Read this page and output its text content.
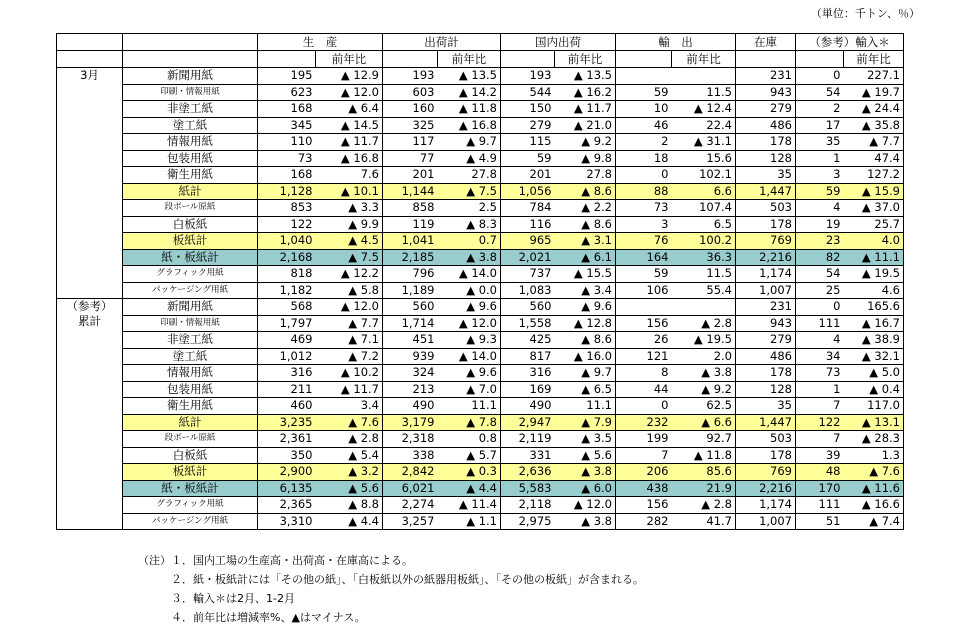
（単位：千トン、％）
		生　産		出荷計		国内出荷		輸　出		在庫	（参考）輸入＊	
			前年比		前年比		前年比		前年比			前年比

3月	新聞用紙	195	▲ 12.9	193	▲ 13.5	193	▲ 13.5			231	0	227.1
	印刷・情報用紙	623	▲ 12.0	603	▲ 14.2	544	▲ 16.2	59	11.5	943	54	▲ 19.7
	非塗工紙	168	▲ 6.4	160	▲ 11.8	150	▲ 11.7	10	▲ 12.4	279	2	▲ 24.4
	塗工紙	345	▲ 14.5	325	▲ 16.8	279	▲ 21.0	46	22.4	486	17	▲ 35.8
	情報用紙	110	▲ 11.7	117	▲ 9.7	115	▲ 9.2	2	▲ 31.1	178	35	▲ 7.7
	包装用紙	73	▲ 16.8	77	▲ 4.9	59	▲ 9.8	18	15.6	128	1	47.4
	衛生用紙	168	7.6	201	27.8	201	27.8	0	102.1	35	3	127.2
	紙計	1,128	▲ 10.1	1,144	▲ 7.5	1,056	▲ 8.6	88	6.6	1,447	59	▲ 15.9
	段ボール原紙	853	▲ 3.3	858	2.5	784	▲ 2.2	73	107.4	503	4	▲ 37.0
	白板紙	122	▲ 9.9	119	▲ 8.3	116	▲ 8.6	3	6.5	178	19	25.7
	板紙計	1,040	▲ 4.5	1,041	0.7	965	▲ 3.1	76	100.2	769	23	4.0
	紙・板紙計	2,168	▲ 7.5	2,185	▲ 3.8	2,021	▲ 6.1	164	36.3	2,216	82	▲ 11.1
	グラフィック用紙	818	▲ 12.2	796	▲ 14.0	737	▲ 15.5	59	11.5	1,174	54	▲ 19.5
	パッケージング用紙	1,182	▲ 5.8	1,189	▲ 0.0	1,083	▲ 3.4	106	55.4	1,007	25	4.6

（参考）
累計	新聞用紙	568	▲ 12.0	560	▲ 9.6	560	▲ 9.6			231	0	165.6
	印刷・情報用紙	1,797	▲ 7.7	1,714	▲ 12.0	1,558	▲ 12.8	156	▲ 2.8	943	111	▲ 16.7
	非塗工紙	469	▲ 7.1	451	▲ 9.3	425	▲ 8.6	26	▲ 19.5	279	4	▲ 38.9
	塗工紙	1,012	▲ 7.2	939	▲ 14.0	817	▲ 16.0	121	2.0	486	34	▲ 32.1
	情報用紙	316	▲ 10.2	324	▲ 9.6	316	▲ 9.7	8	▲ 3.8	178	73	▲ 5.0
	包装用紙	211	▲ 11.7	213	▲ 7.0	169	▲ 6.5	44	▲ 9.2	128	1	▲ 0.4
	衛生用紙	460	3.4	490	11.1	490	11.1	0	62.5	35	7	117.0
	紙計	3,235	▲ 7.6	3,179	▲ 7.8	2,947	▲ 7.9	232	▲ 6.6	1,447	122	▲ 13.1
	段ボール原紙	2,361	▲ 2.8	2,318	0.8	2,119	▲ 3.5	199	92.7	503	7	▲ 28.3
	白板紙	350	▲ 5.4	338	▲ 5.7	331	▲ 5.6	7	▲ 11.8	178	39	1.3
	板紙計	2,900	▲ 3.2	2,842	▲ 0.3	2,636	▲ 3.8	206	85.6	769	48	▲ 7.6
	紙・板紙計	6,135	▲ 5.6	6,021	▲ 4.4	5,583	▲ 6.0	438	21.9	2,216	170	▲ 11.6
	グラフィック用紙	2,365	▲ 8.8	2,274	▲ 11.4	2,118	▲ 12.0	156	▲ 2.8	1,174	111	▲ 16.6
	パッケージング用紙	3,310	▲ 4.4	3,257	▲ 1.1	2,975	▲ 3.8	282	41.7	1,007	51	▲ 7.4
（注）１．国内工場の生産高・出荷高・在庫高による。
　　　２．紙・板紙計には「その他の紙」、「白板紙以外の紙器用板紙」、「その他の板紙」が含まれる。
　　　３．輸入＊は2月、1-2月
　　　４．前年比は増減率%、▲はマイナス。
